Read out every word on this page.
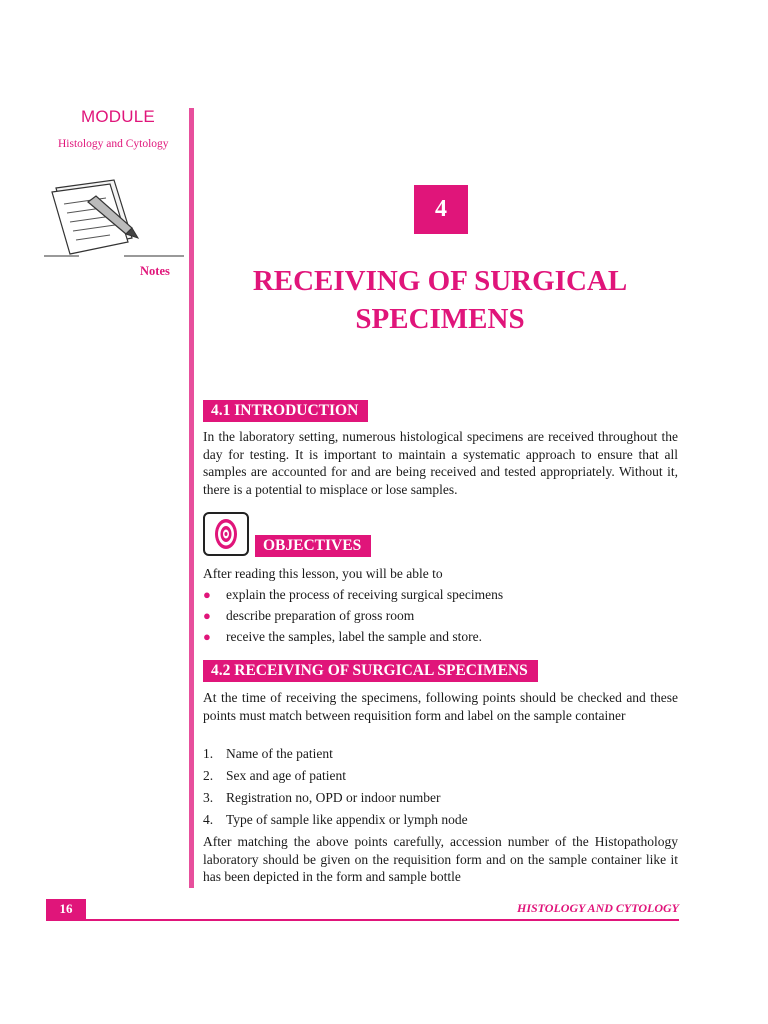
MODULE
Histology and Cytology
Notes
4
RECEIVING OF SURGICAL
SPECIMENS
4.1 INTRODUCTION
In the laboratory setting, numerous histological specimens are received throughout the day for testing. It is important to maintain a systematic approach to ensure that all samples are accounted for and are being received and tested appropriately. Without it, there is a potential to misplace or lose samples.
OBJECTIVES
After reading this lesson, you will be able to
● explain the process of receiving surgical specimens
● describe preparation of gross room
● receive the samples, label the sample and store.
4.2 RECEIVING OF SURGICAL SPECIMENS
At the time of receiving the specimens, following points should be checked and these points must match between requisition form and label on the sample container
1. Name of the patient
2. Sex and age of patient
3. Registration no, OPD or indoor number
4. Type of sample like appendix or lymph node
After matching the above points carefully, accession number of the Histopathology laboratory should be given on the requisition form and on the sample container like it has been depicted in the form and sample bottle
16	HISTOLOGY AND CYTOLOGY
